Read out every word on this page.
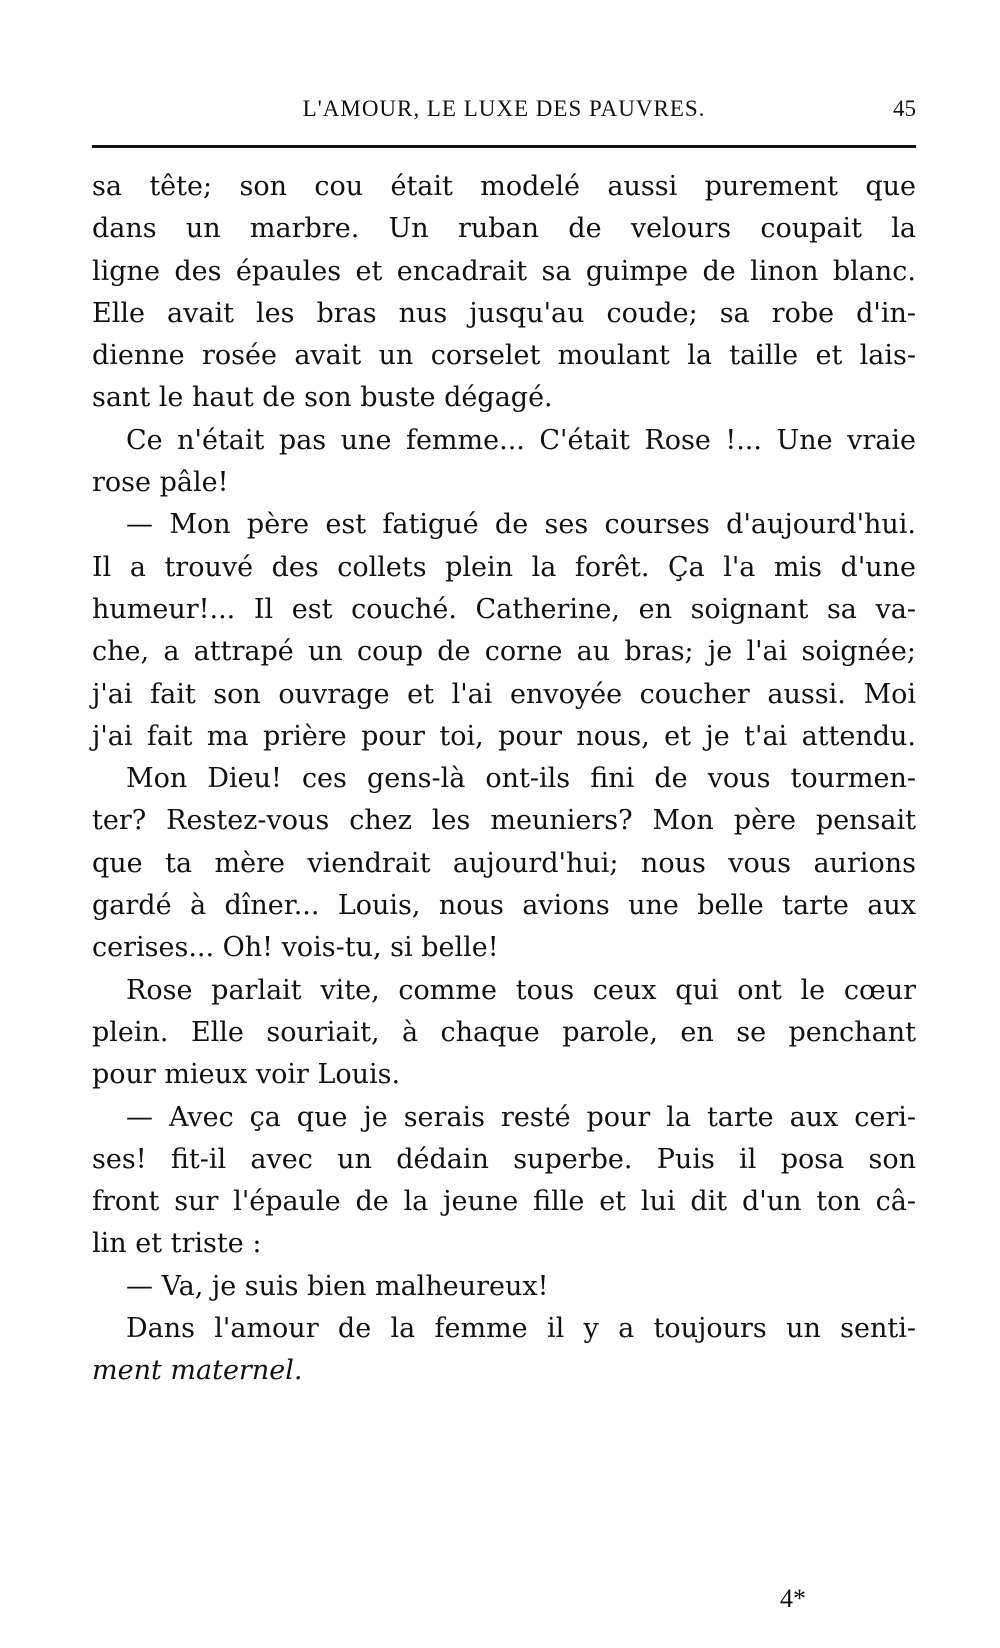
L'AMOUR, LE LUXE DES PAUVRES.	45
sa tête; son cou était modelé aussi purement que
dans un marbre. Un ruban de velours coupait la
ligne des épaules et encadrait sa guimpe de linon blanc.
Elle avait les bras nus jusqu'au coude; sa robe d'in-
dienne rosée avait un corselet moulant la taille et lais-
sant le haut de son buste dégagé.
Ce n'était pas une femme... C'était Rose !... Une vraie
rose pâle!
— Mon père est fatigué de ses courses d'aujourd'hui.
Il a trouvé des collets plein la forêt. Ça l'a mis d'une
humeur!... Il est couché. Catherine, en soignant sa va-
che, a attrapé un coup de corne au bras; je l'ai soignée;
j'ai fait son ouvrage et l'ai envoyée coucher aussi. Moi
j'ai fait ma prière pour toi, pour nous, et je t'ai attendu.
Mon Dieu! ces gens-là ont-ils fini de vous tourmen-
ter? Restez-vous chez les meuniers? Mon père pensait
que ta mère viendrait aujourd'hui; nous vous aurions
gardé à dîner... Louis, nous avions une belle tarte aux
cerises... Oh! vois-tu, si belle!
Rose parlait vite, comme tous ceux qui ont le cœur
plein. Elle souriait, à chaque parole, en se penchant
pour mieux voir Louis.
— Avec ça que je serais resté pour la tarte aux ceri-
ses! fit-il avec un dédain superbe. Puis il posa son
front sur l'épaule de la jeune fille et lui dit d'un ton câ-
lin et triste :
— Va, je suis bien malheureux!
Dans l'amour de la femme il y a toujours un senti-
ment maternel.
4*
